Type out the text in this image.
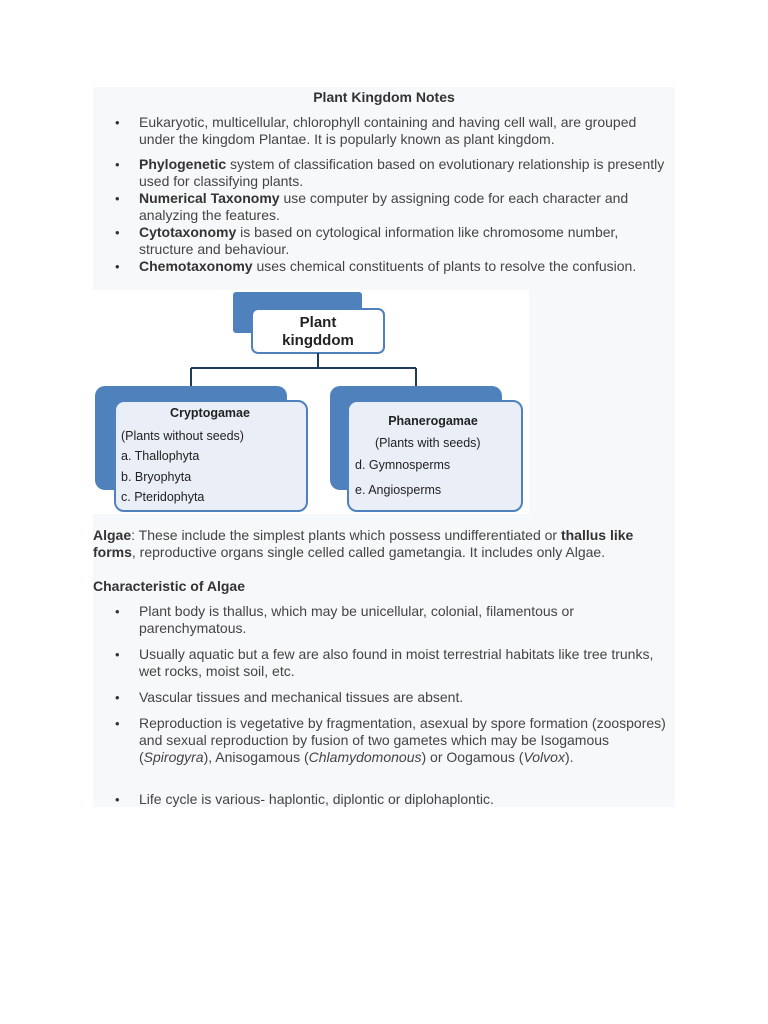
Plant Kingdom Notes
• Eukaryotic, multicellular, chlorophyll containing and having cell wall, are grouped under the kingdom Plantae. It is popularly known as plant kingdom.
• Phylogenetic system of classification based on evolutionary relationship is presently used for classifying plants.
• Numerical Taxonomy use computer by assigning code for each character and analyzing the features.
• Cytotaxonomy is based on cytological information like chromosome number, structure and behaviour.
• Chemotaxonomy uses chemical constituents of plants to resolve the confusion.
Plant
kingddom
Cryptogamae
(Plants without seeds)
a. Thallophyta
b. Bryophyta
c. Pteridophyta
Phanerogamae
(Plants with seeds)
d. Gymnosperms
e. Angiosperms
Algae: These include the simplest plants which possess undifferentiated or thallus like forms, reproductive organs single celled called gametangia. It includes only Algae.
Characteristic of Algae
• Plant body is thallus, which may be unicellular, colonial, filamentous or parenchymatous.
• Usually aquatic but a few are also found in moist terrestrial habitats like tree trunks, wet rocks, moist soil, etc.
• Vascular tissues and mechanical tissues are absent.
• Reproduction is vegetative by fragmentation, asexual by spore formation (zoospores) and sexual reproduction by fusion of two gametes which may be Isogamous (Spirogyra), Anisogamous (Chlamydomonous) or Oogamous (Volvox).
• Life cycle is various- haplontic, diplontic or diplohaplontic.
